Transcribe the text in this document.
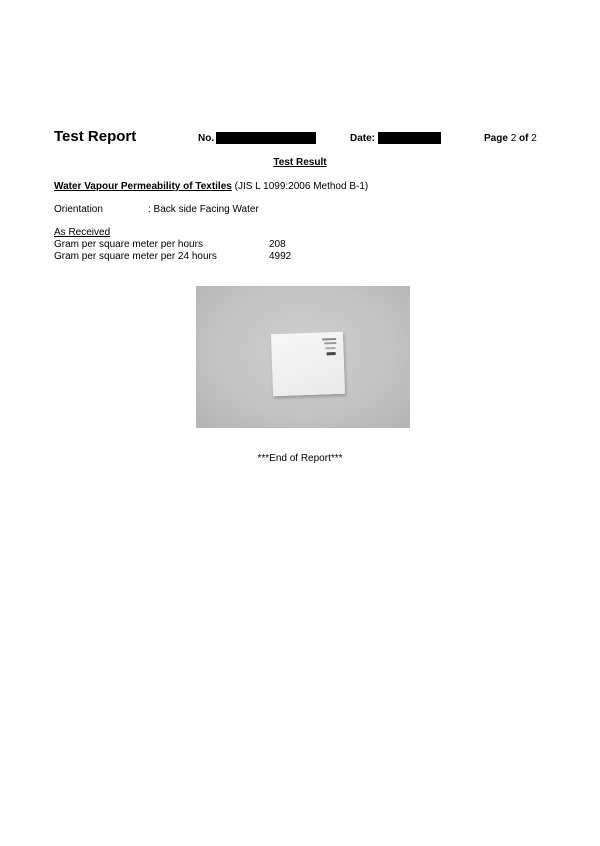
Test Report	No.	Date:	Page 2 of 2
Test Result
Water Vapour Permeability of Textiles (JIS L 1099:2006 Method B-1)
Orientation	: Back side Facing Water
As Received
Gram per square meter per hours	208
Gram per square meter per 24 hours	4992
***End of Report***
